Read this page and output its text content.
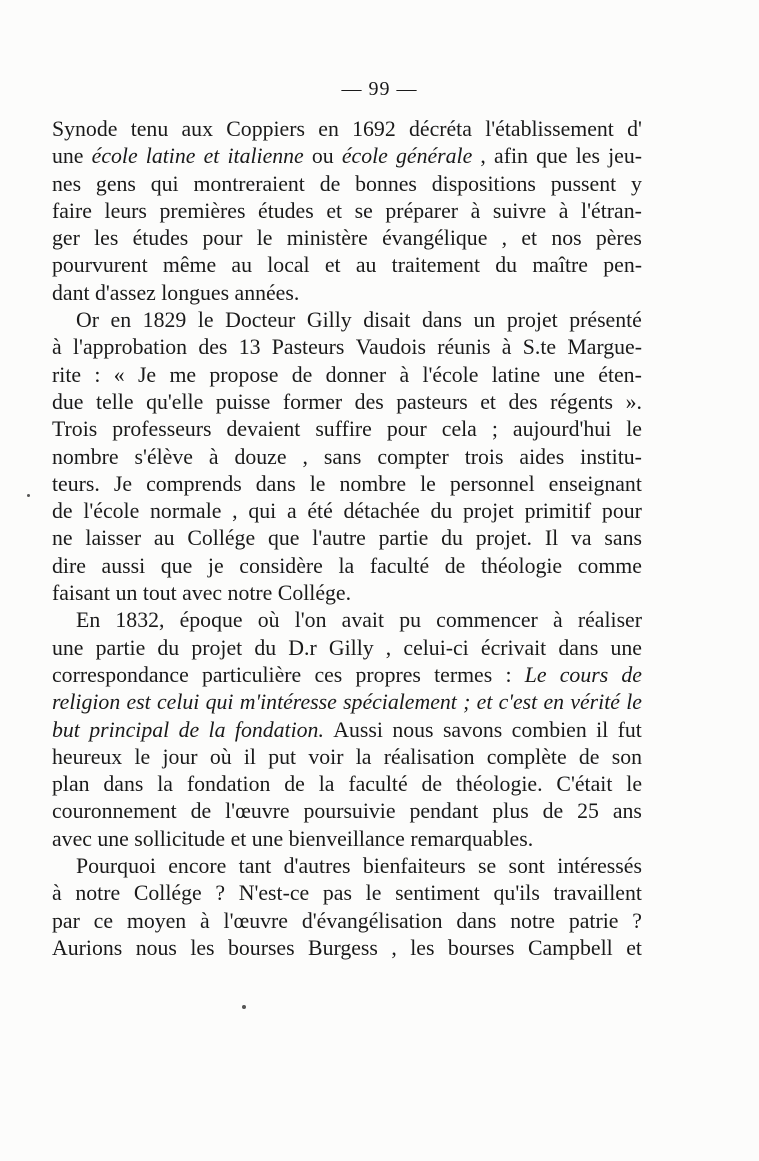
— 99 —
Synode tenu aux Coppiers en 1692 décréta l'établissement d'
une école latine et italienne ou école générale , afin que les jeu-
nes gens qui montreraient de bonnes dispositions pussent y
faire leurs premières études et se préparer à suivre à l'étran-
ger les études pour le ministère évangélique , et nos pères
pourvurent même au local et au traitement du maître pen-
dant d'assez longues années.
Or en 1829 le Docteur Gilly disait dans un projet présenté
à l'approbation des 13 Pasteurs Vaudois réunis à S.te Margue-
rite : « Je me propose de donner à l'école latine une éten-
due telle qu'elle puisse former des pasteurs et des régents ».
Trois professeurs devaient suffire pour cela ; aujourd'hui le
nombre s'élève à douze , sans compter trois aides institu-
teurs. Je comprends dans le nombre le personnel enseignant
de l'école normale , qui a été détachée du projet primitif pour
ne laisser au Collége que l'autre partie du projet. Il va sans
dire aussi que je considère la faculté de théologie comme
faisant un tout avec notre Collége.
En 1832, époque où l'on avait pu commencer à réaliser
une partie du projet du D.r Gilly , celui-ci écrivait dans une
correspondance particulière ces propres termes : Le cours de
religion est celui qui m'intéresse spécialement ; et c'est en vérité le
but principal de la fondation. Aussi nous savons combien il fut
heureux le jour où il put voir la réalisation complète de son
plan dans la fondation de la faculté de théologie. C'était le
couronnement de l'œuvre poursuivie pendant plus de 25 ans
avec une sollicitude et une bienveillance remarquables.
Pourquoi encore tant d'autres bienfaiteurs se sont intéressés
à notre Collége ? N'est-ce pas le sentiment qu'ils travaillent
par ce moyen à l'œuvre d'évangélisation dans notre patrie ?
Aurions nous les bourses Burgess , les bourses Campbell et
